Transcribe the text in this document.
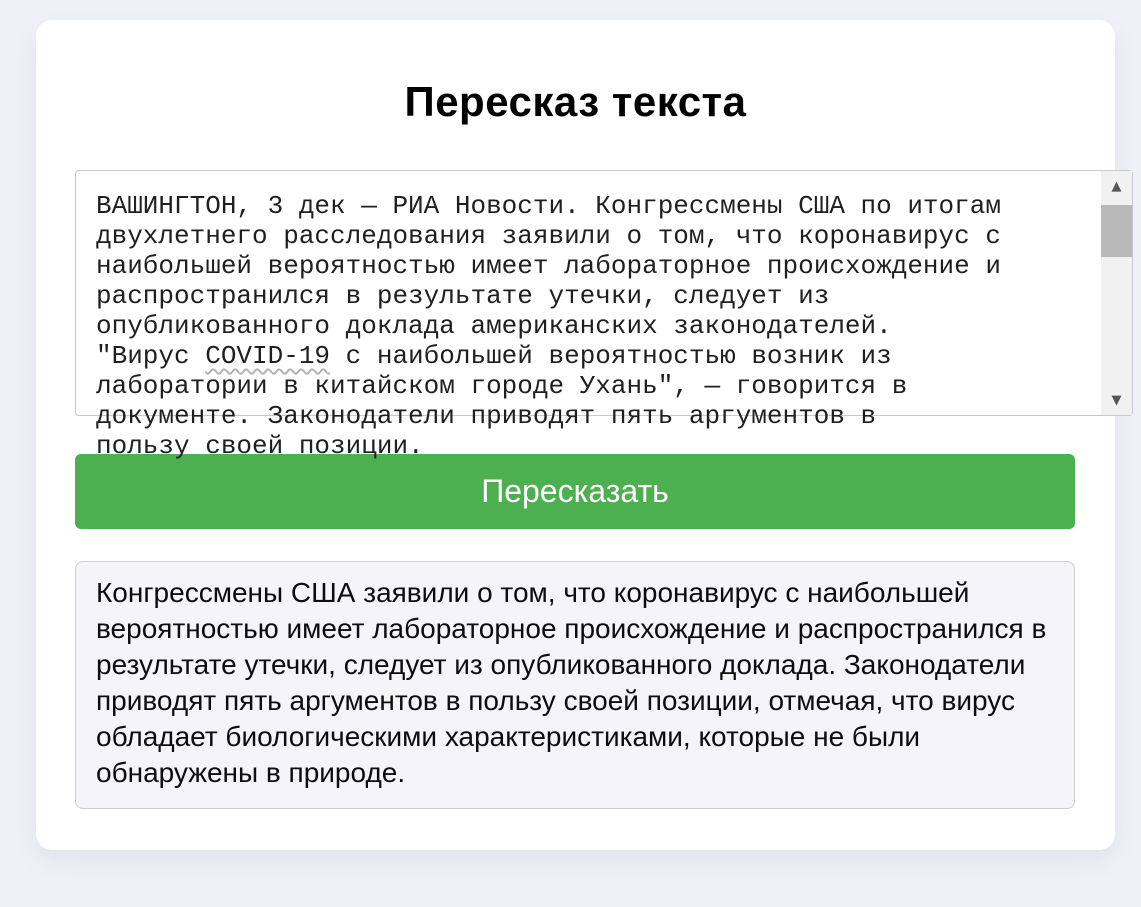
Пересказ текста
ВАШИНГТОН, 3 дек — РИА Новости. Конгрессмены США по итогам
двухлетнего расследования заявили о том, что коронавирус с
наибольшей вероятностью имеет лабораторное происхождение и
распространился в результате утечки, следует из
опубликованного доклада американских законодателей.
"Вирус COVID-19 с наибольшей вероятностью возник из
лаборатории в китайском городе Ухань", — говорится в
документе. Законодатели приводят пять аргументов в
пользу своей позиции.
▲
▼
Пересказать

Конгрессмены США заявили о том, что коронавирус с наибольшей вероятностью имеет лабораторное происхождение и распространился в результате утечки, следует из опубликованного доклада. Законодатели приводят пять аргументов в пользу своей позиции, отмечая, что вирус обладает биологическими характеристиками, которые не были обнаружены в природе.
